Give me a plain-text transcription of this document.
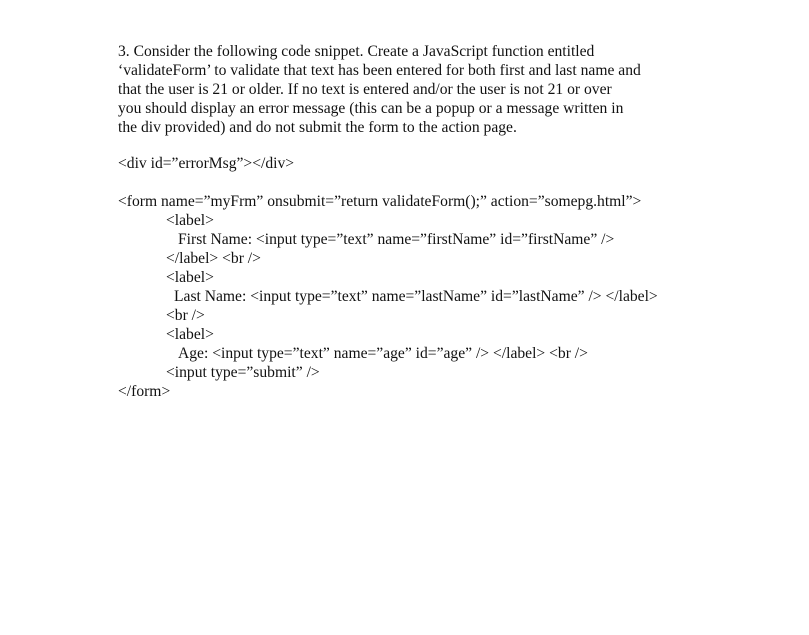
3. Consider the following code snippet. Create a JavaScript function entitled
‘validateForm’ to validate that text has been entered for both first and last name and
that the user is 21 or older. If no text is entered and/or the user is not 21 or over
you should display an error message (this can be a popup or a message written in
the div provided) and do not submit the form to the action page.
<div id=”errorMsg”></div>
<form name=”myFrm” onsubmit=”return validateForm();” action=”somepg.html”>
<label>
First Name: <input type=”text” name=”firstName” id=”firstName” />
</label> <br />
<label>
Last Name: <input type=”text” name=”lastName” id=”lastName” /> </label>
<br />
<label>
Age: <input type=”text” name=”age” id=”age” /> </label> <br />
<input type=”submit” />
</form>
